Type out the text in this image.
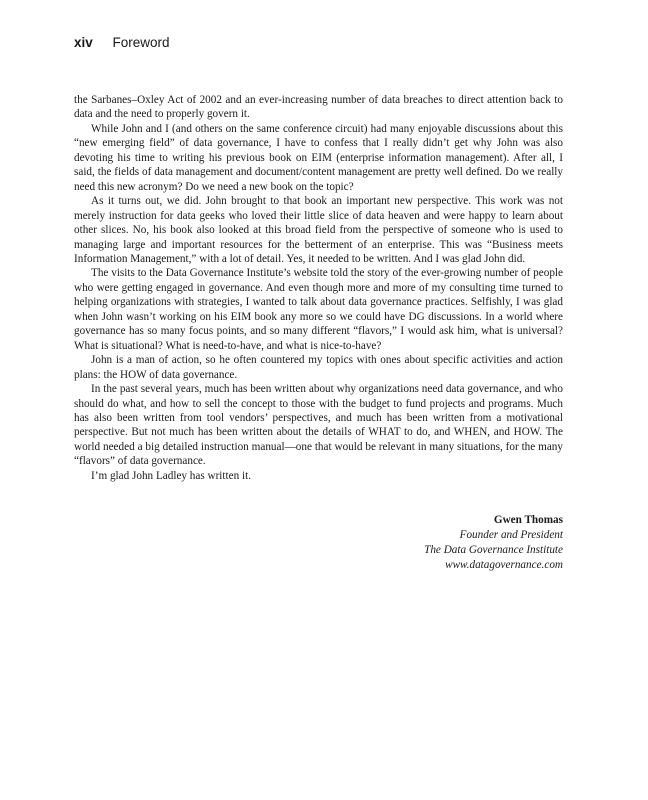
xiv Foreword

the Sarbanes–Oxley Act of 2002 and an ever-increasing number of data breaches to direct attention back to data and the need to properly govern it.

While John and I (and others on the same conference circuit) had many enjoyable discussions about this “new emerging field” of data governance, I have to confess that I really didn’t get why John was also devoting his time to writing his previous book on EIM (enterprise information management). After all, I said, the fields of data management and document/content management are pretty well defined. Do we really need this new acronym? Do we need a new book on the topic?

As it turns out, we did. John brought to that book an important new perspective. This work was not merely instruction for data geeks who loved their little slice of data heaven and were happy to learn about other slices. No, his book also looked at this broad field from the perspective of someone who is used to managing large and important resources for the betterment of an enterprise. This was “Business meets Information Management,” with a lot of detail. Yes, it needed to be written. And I was glad John did.

The visits to the Data Governance Institute’s website told the story of the ever-growing number of people who were getting engaged in governance. And even though more and more of my consulting time turned to helping organizations with strategies, I wanted to talk about data governance practices. Selfishly, I was glad when John wasn’t working on his EIM book any more so we could have DG discussions. In a world where governance has so many focus points, and so many different “flavors,” I would ask him, what is universal? What is situational? What is need-to-have, and what is nice-to-have?

John is a man of action, so he often countered my topics with ones about specific activities and action plans: the HOW of data governance.

In the past several years, much has been written about why organizations need data governance, and who should do what, and how to sell the concept to those with the budget to fund projects and programs. Much has also been written from tool vendors’ perspectives, and much has been written from a motivational perspective. But not much has been written about the details of WHAT to do, and WHEN, and HOW. The world needed a big detailed instruction manual—one that would be relevant in many situations, for the many “flavors” of data governance.

I’m glad John Ladley has written it.

Gwen Thomas
Founder and President
The Data Governance Institute
www.datagovernance.com
